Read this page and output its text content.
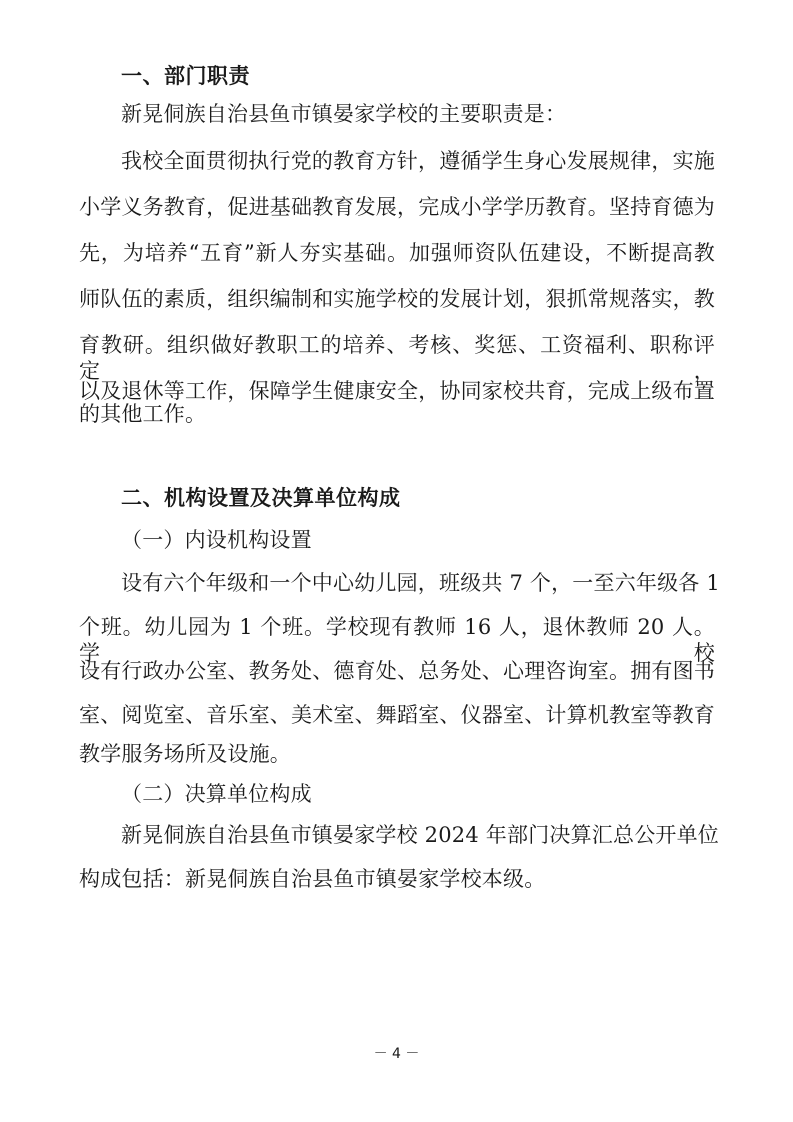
一、部门职责
新晃侗族自治县鱼市镇晏家学校的主要职责是：
我校全面贯彻执行党的教育方针，遵循学生身心发展规律，实施
小学义务教育，促进基础教育发展，完成小学学历教育。坚持育德为
先，为培养“五育”新人夯实基础。加强师资队伍建设，不断提高教
师队伍的素质，组织编制和实施学校的发展计划，狠抓常规落实，教
育教研。组织做好教职工的培养、考核、奖惩、工资福利、职称评定，
以及退休等工作，保障学生健康安全，协同家校共育，完成上级布置
的其他工作。
二、机构设置及决算单位构成
（一）内设机构设置
设有六个年级和一个中心幼儿园，班级共 7 个，一至六年级各 1
个班。幼儿园为 1 个班。学校现有教师 16 人，退休教师 20 人。学校
设有行政办公室、教务处、德育处、总务处、心理咨询室。拥有图书
室、阅览室、音乐室、美术室、舞蹈室、仪器室、计算机教室等教育
教学服务场所及设施。
（二）决算单位构成
新晃侗族自治县鱼市镇晏家学校 2024 年部门决算汇总公开单位
构成包括：新晃侗族自治县鱼市镇晏家学校本级。
－ 4 －
